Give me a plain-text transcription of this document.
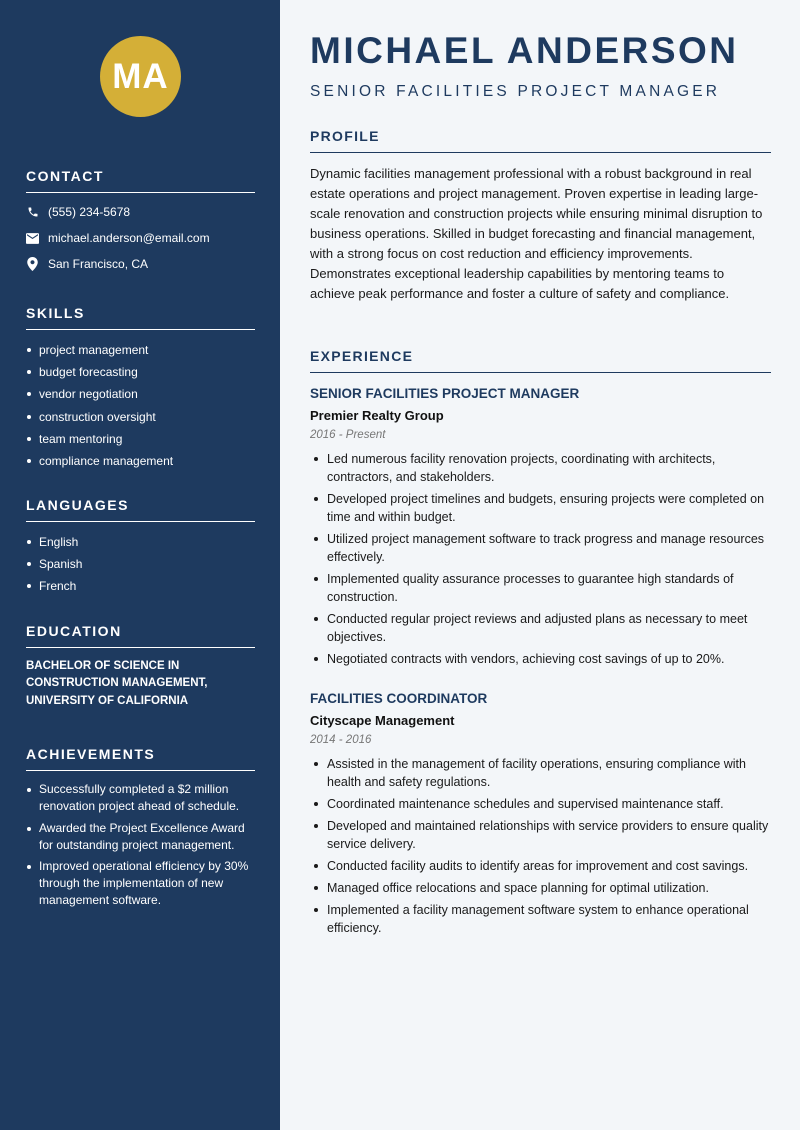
MA
CONTACT
(555) 234-5678
michael.anderson@email.com
San Francisco, CA
SKILLS
project management
budget forecasting
vendor negotiation
construction oversight
team mentoring
compliance management
LANGUAGES
English
Spanish
French
EDUCATION
BACHELOR OF SCIENCE IN CONSTRUCTION MANAGEMENT, UNIVERSITY OF CALIFORNIA
ACHIEVEMENTS
Successfully completed a $2 million renovation project ahead of schedule.
Awarded the Project Excellence Award for outstanding project management.
Improved operational efficiency by 30% through the implementation of new management software.
MICHAEL ANDERSON
SENIOR FACILITIES PROJECT MANAGER
PROFILE
Dynamic facilities management professional with a robust background in real estate operations and project management. Proven expertise in leading large-scale renovation and construction projects while ensuring minimal disruption to business operations. Skilled in budget forecasting and financial management, with a strong focus on cost reduction and efficiency improvements. Demonstrates exceptional leadership capabilities by mentoring teams to achieve peak performance and foster a culture of safety and compliance.
EXPERIENCE
SENIOR FACILITIES PROJECT MANAGER
Premier Realty Group
2016 - Present
Led numerous facility renovation projects, coordinating with architects, contractors, and stakeholders.
Developed project timelines and budgets, ensuring projects were completed on time and within budget.
Utilized project management software to track progress and manage resources effectively.
Implemented quality assurance processes to guarantee high standards of construction.
Conducted regular project reviews and adjusted plans as necessary to meet objectives.
Negotiated contracts with vendors, achieving cost savings of up to 20%.
FACILITIES COORDINATOR
Cityscape Management
2014 - 2016
Assisted in the management of facility operations, ensuring compliance with health and safety regulations.
Coordinated maintenance schedules and supervised maintenance staff.
Developed and maintained relationships with service providers to ensure quality service delivery.
Conducted facility audits to identify areas for improvement and cost savings.
Managed office relocations and space planning for optimal utilization.
Implemented a facility management software system to enhance operational efficiency.
